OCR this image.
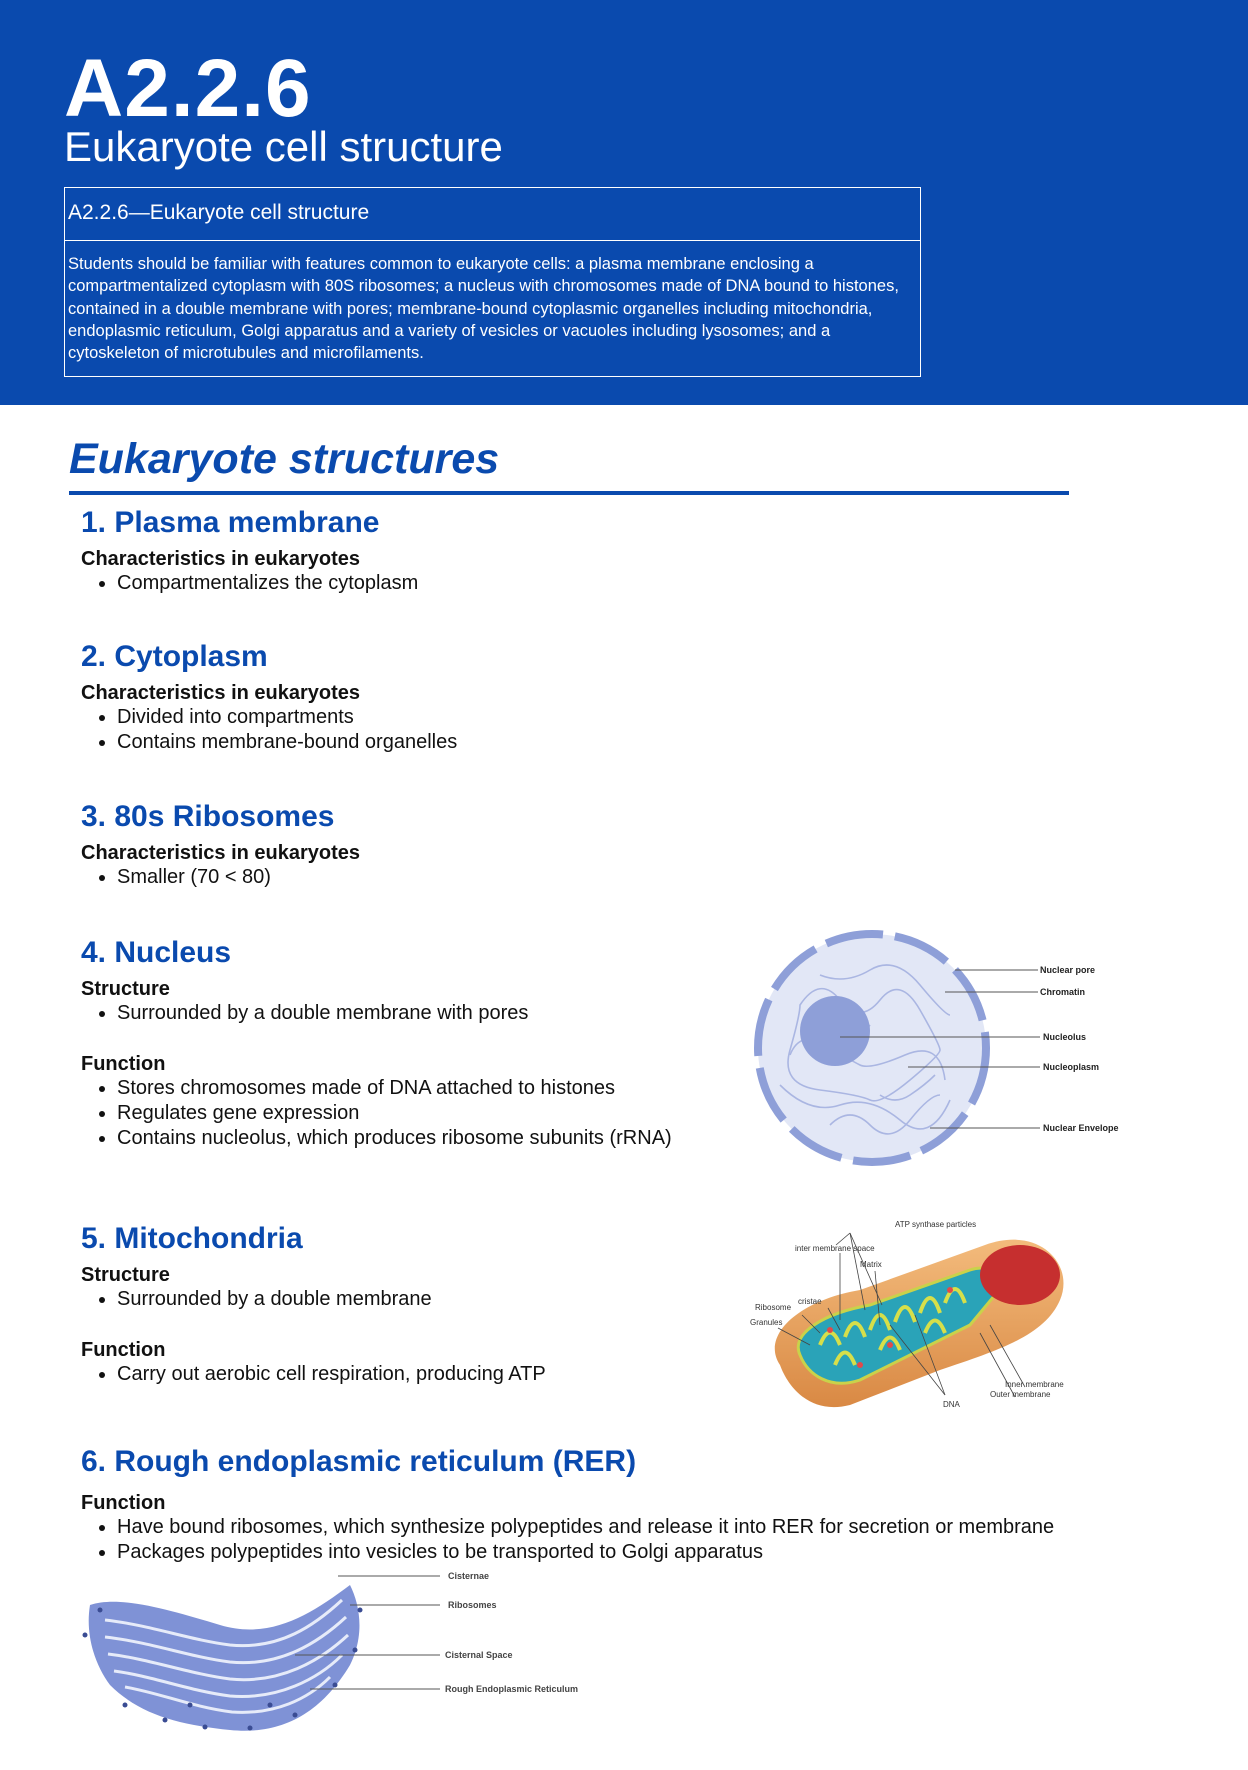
A2.2.6
Eukaryote cell structure
A2.2.6—Eukaryote cell structure
Students should be familiar with features common to eukaryote cells: a plasma membrane enclosing a compartmentalized cytoplasm with 80S ribosomes; a nucleus with chromosomes made of DNA bound to histones, contained in a double membrane with pores; membrane-bound cytoplasmic organelles including mitochondria, endoplasmic reticulum, Golgi apparatus and a variety of vesicles or vacuoles including lysosomes; and a cytoskeleton of microtubules and microfilaments.
Eukaryote structures
1. Plasma membrane
Characteristics in eukaryotes
• Compartmentalizes the cytoplasm
2. Cytoplasm
Characteristics in eukaryotes
• Divided into compartments
• Contains membrane-bound organelles
3. 80s Ribosomes
Characteristics in eukaryotes
• Smaller (70 < 80)
4. Nucleus
Structure
• Surrounded by a double membrane with pores
Function
• Stores chromosomes made of DNA attached to histones
• Regulates gene expression
• Contains nucleolus, which produces ribosome subunits (rRNA)
5. Mitochondria
Structure
• Surrounded by a double membrane
Function
• Carry out aerobic cell respiration, producing ATP
6. Rough endoplasmic reticulum (RER)
Function
• Have bound ribosomes, which synthesize polypeptides and release it into RER for secretion or membrane
• Packages polypeptides into vesicles to be transported to Golgi apparatus
Nuclear pore
Chromatin
Nucleolus
Nucleoplasm
Nuclear Envelope
ATP synthase particles
inter membrane space
Matrix
cristae
Ribosome
Granules
Inner membrane
Outer membrane
DNA
Cisternae
Ribosomes
Cisternal Space
Rough Endoplasmic Reticulum
